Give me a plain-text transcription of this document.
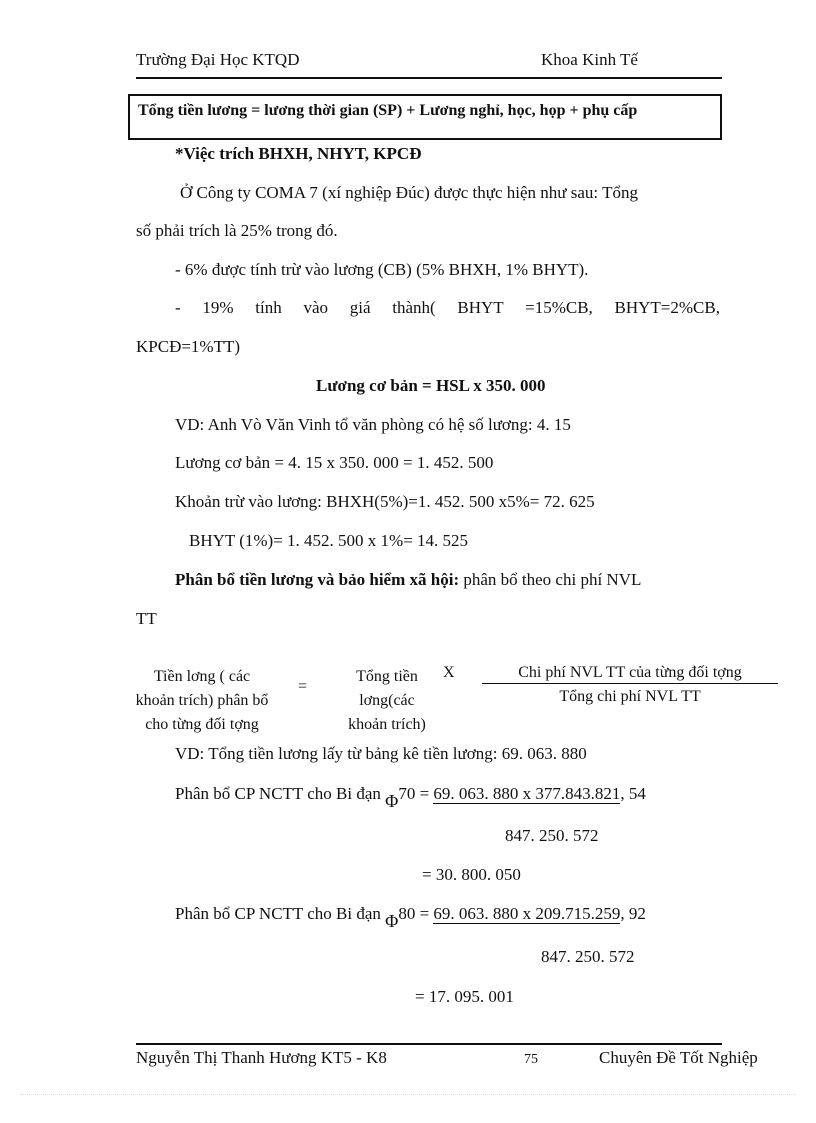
Trường Đại Học KTQD	Khoa Kinh Tế
Tổng tiền lương = lương thời gian (SP) + Lương nghỉ, học, họp + phụ cấp
*Việc trích BHXH, NHYT, KPCĐ
Ở Công ty COMA 7 (xí nghiệp Đúc) được thực hiện như sau: Tổng
số phải trích là 25% trong đó.
- 6% được tính trừ vào lương (CB) (5% BHXH, 1% BHYT).
- 19% tính vào giá thành( BHYT =15%CB, BHYT=2%CB,
KPCĐ=1%TT)
Lương cơ bản = HSL x 350. 000
VD: Anh Vò Văn Vinh tổ văn phòng có hệ số lương: 4. 15
Lương cơ bản = 4. 15 x 350. 000 = 1. 452. 500
Khoản trừ vào lương: BHXH(5%)=1. 452. 500 x5%= 72. 625
BHYT (1%)= 1. 452. 500 x 1%= 14. 525
Phân bổ tiền lương và bảo hiểm xã hội: phân bổ theo chi phí NVL
TT
Tiền lơng ( các
khoản trích) phân bổ
cho từng đối tợng
=
Tổng tiền
lơng(các
khoản trích)
X	Chi phí NVL TT của từng đối tợng
Tổng chi phí NVL TT
VD: Tổng tiền lương lấy từ bảng kê tiền lương: 69. 063. 880
Phân bổ CP NCTT cho Bi đạn Φ70 = 69. 063. 880 x 377.843.821, 54
847. 250. 572
= 30. 800. 050
Phân bổ CP NCTT cho Bi đạn Φ80 = 69. 063. 880 x 209.715.259, 92
847. 250. 572
= 17. 095. 001
Nguyễn Thị Thanh Hương KT5 - K8	75	Chuyên Đề Tốt Nghiệp
